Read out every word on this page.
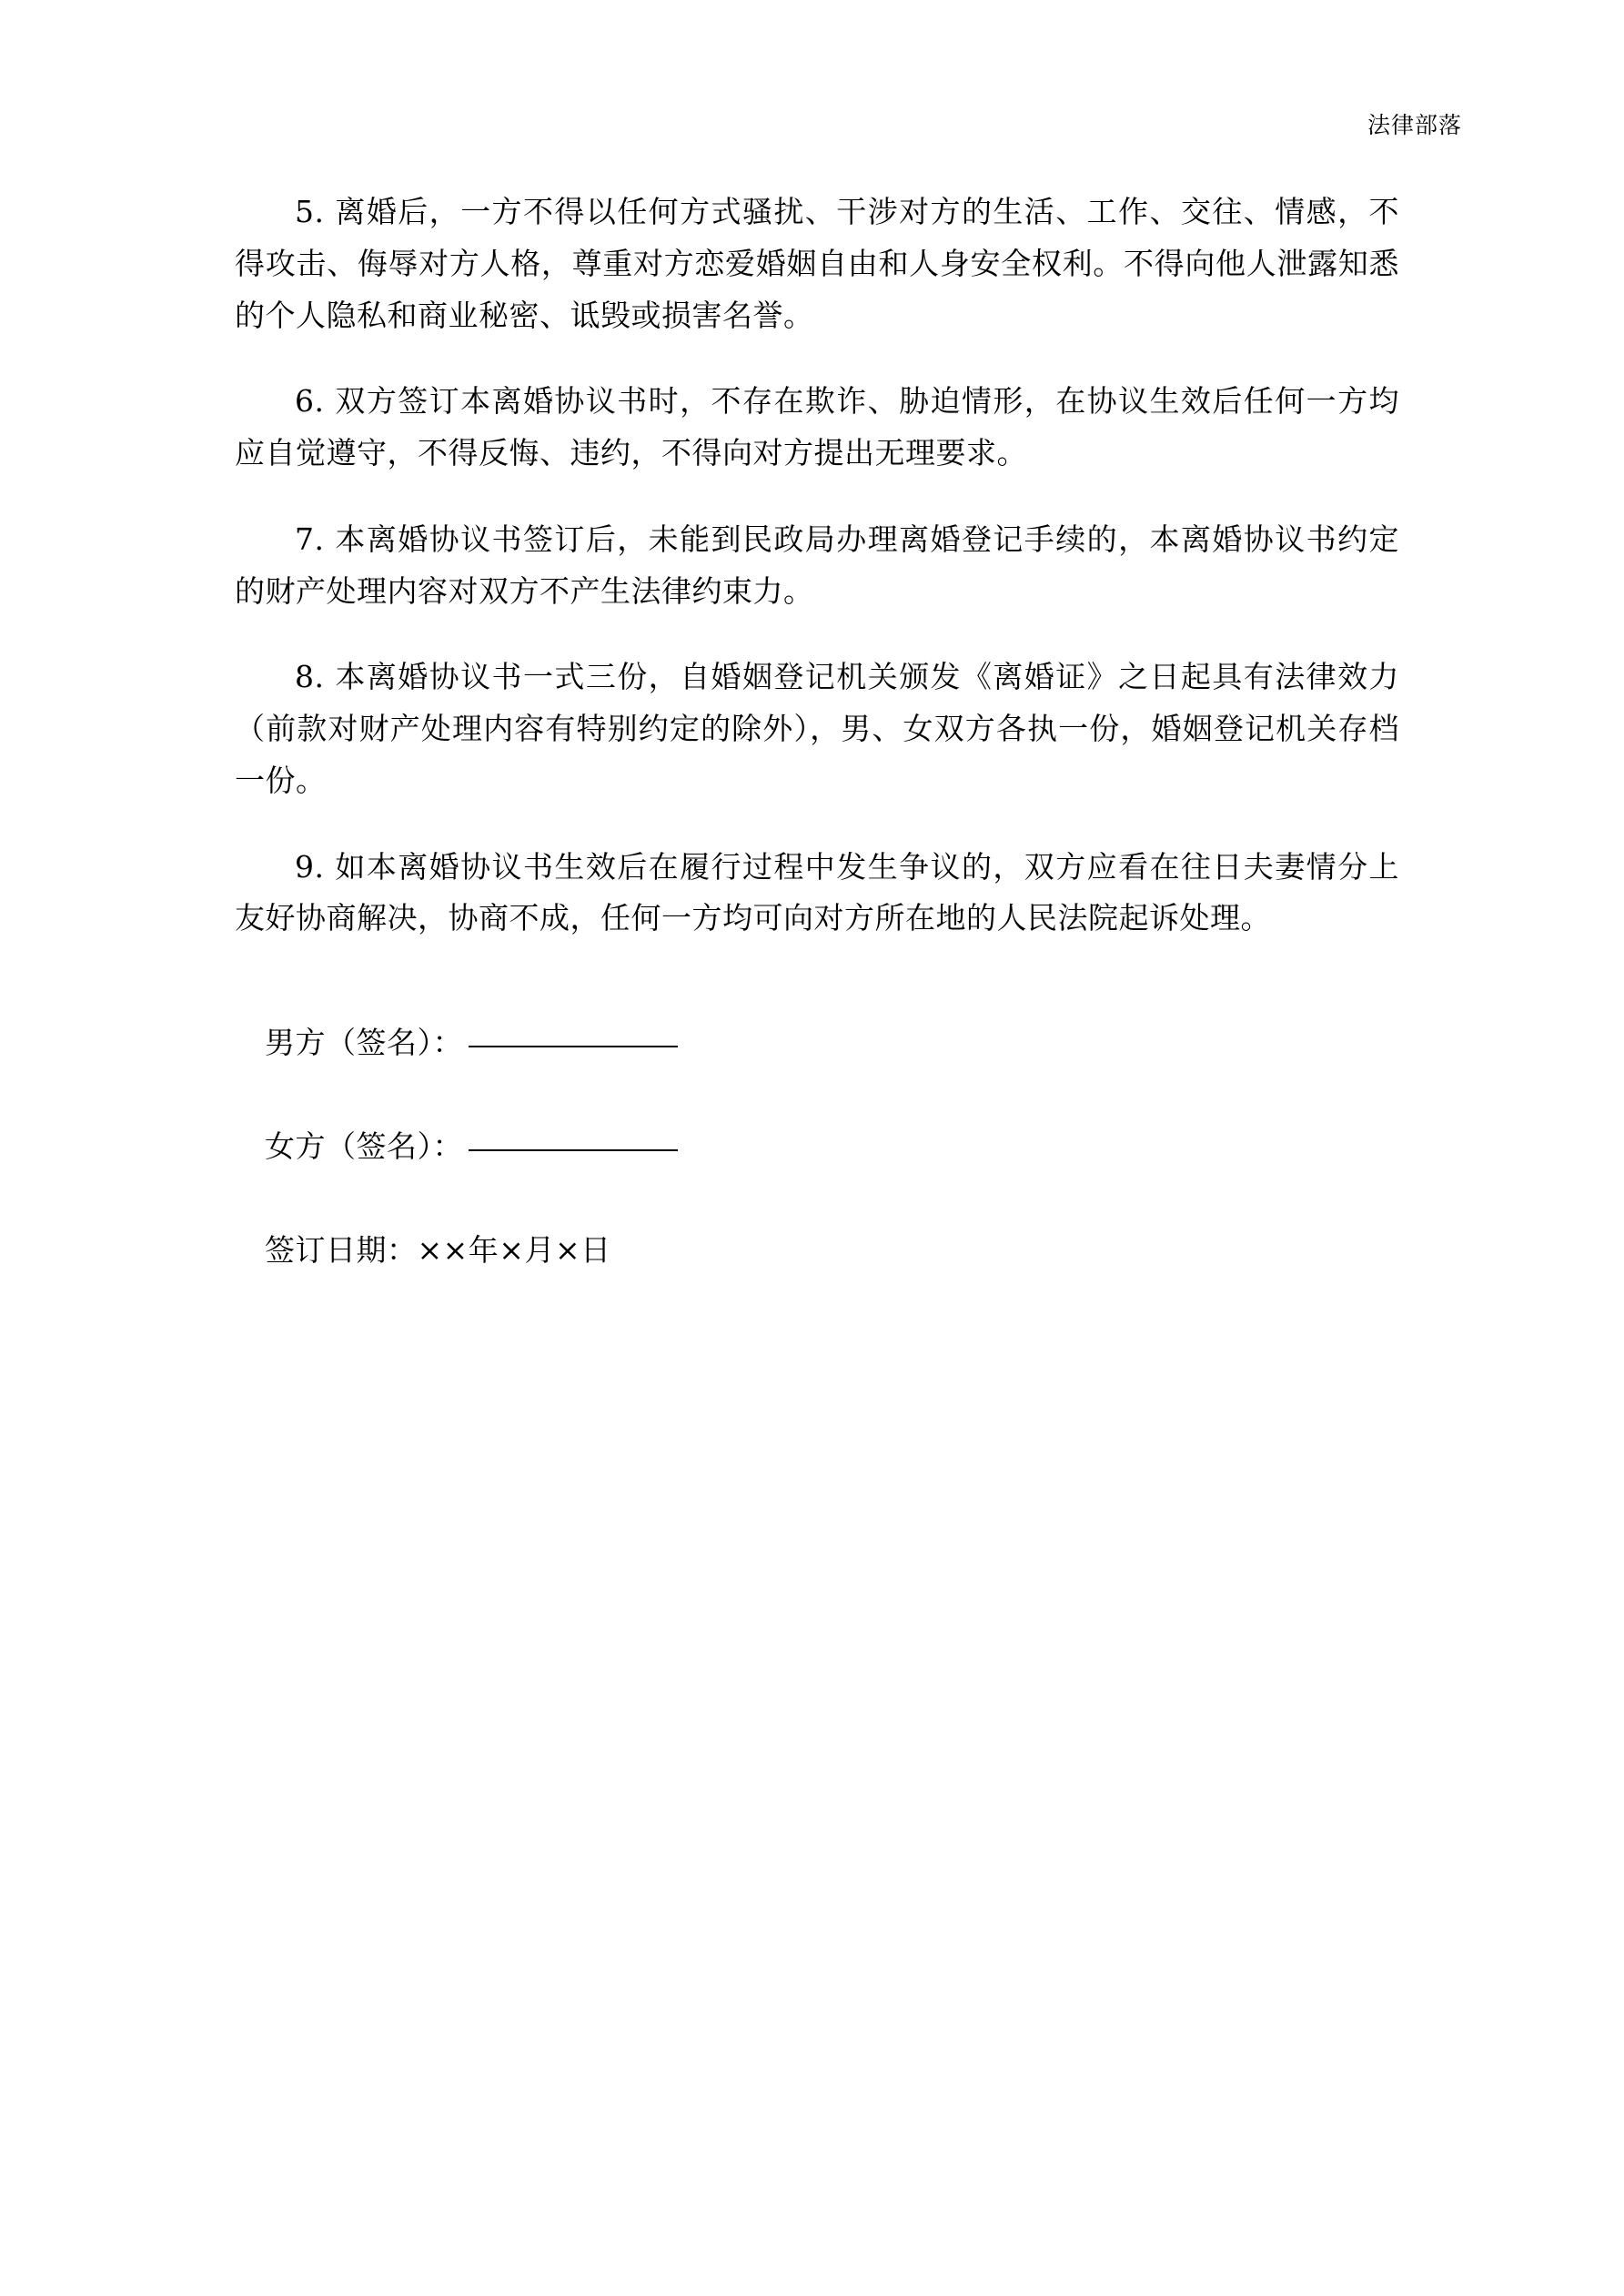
法律部落

5. 离婚后，一方不得以任何方式骚扰、干涉对方的生活、工作、交往、情感，不得攻击、侮辱对方人格，尊重对方恋爱婚姻自由和人身安全权利。不得向他人泄露知悉的个人隐私和商业秘密、诋毁或损害名誉。

6. 双方签订本离婚协议书时，不存在欺诈、胁迫情形，在协议生效后任何一方均应自觉遵守，不得反悔、违约，不得向对方提出无理要求。

7. 本离婚协议书签订后，未能到民政局办理离婚登记手续的，本离婚协议书约定的财产处理内容对双方不产生法律约束力。

8. 本离婚协议书一式三份，自婚姻登记机关颁发《离婚证》之日起具有法律效力（前款对财产处理内容有特别约定的除外），男、女双方各执一份，婚姻登记机关存档一份。

9. 如本离婚协议书生效后在履行过程中发生争议的，双方应看在往日夫妻情分上友好协商解决，协商不成，任何一方均可向对方所在地的人民法院起诉处理。

男方（签名）：

女方（签名）：

签订日期：××年×月×日
